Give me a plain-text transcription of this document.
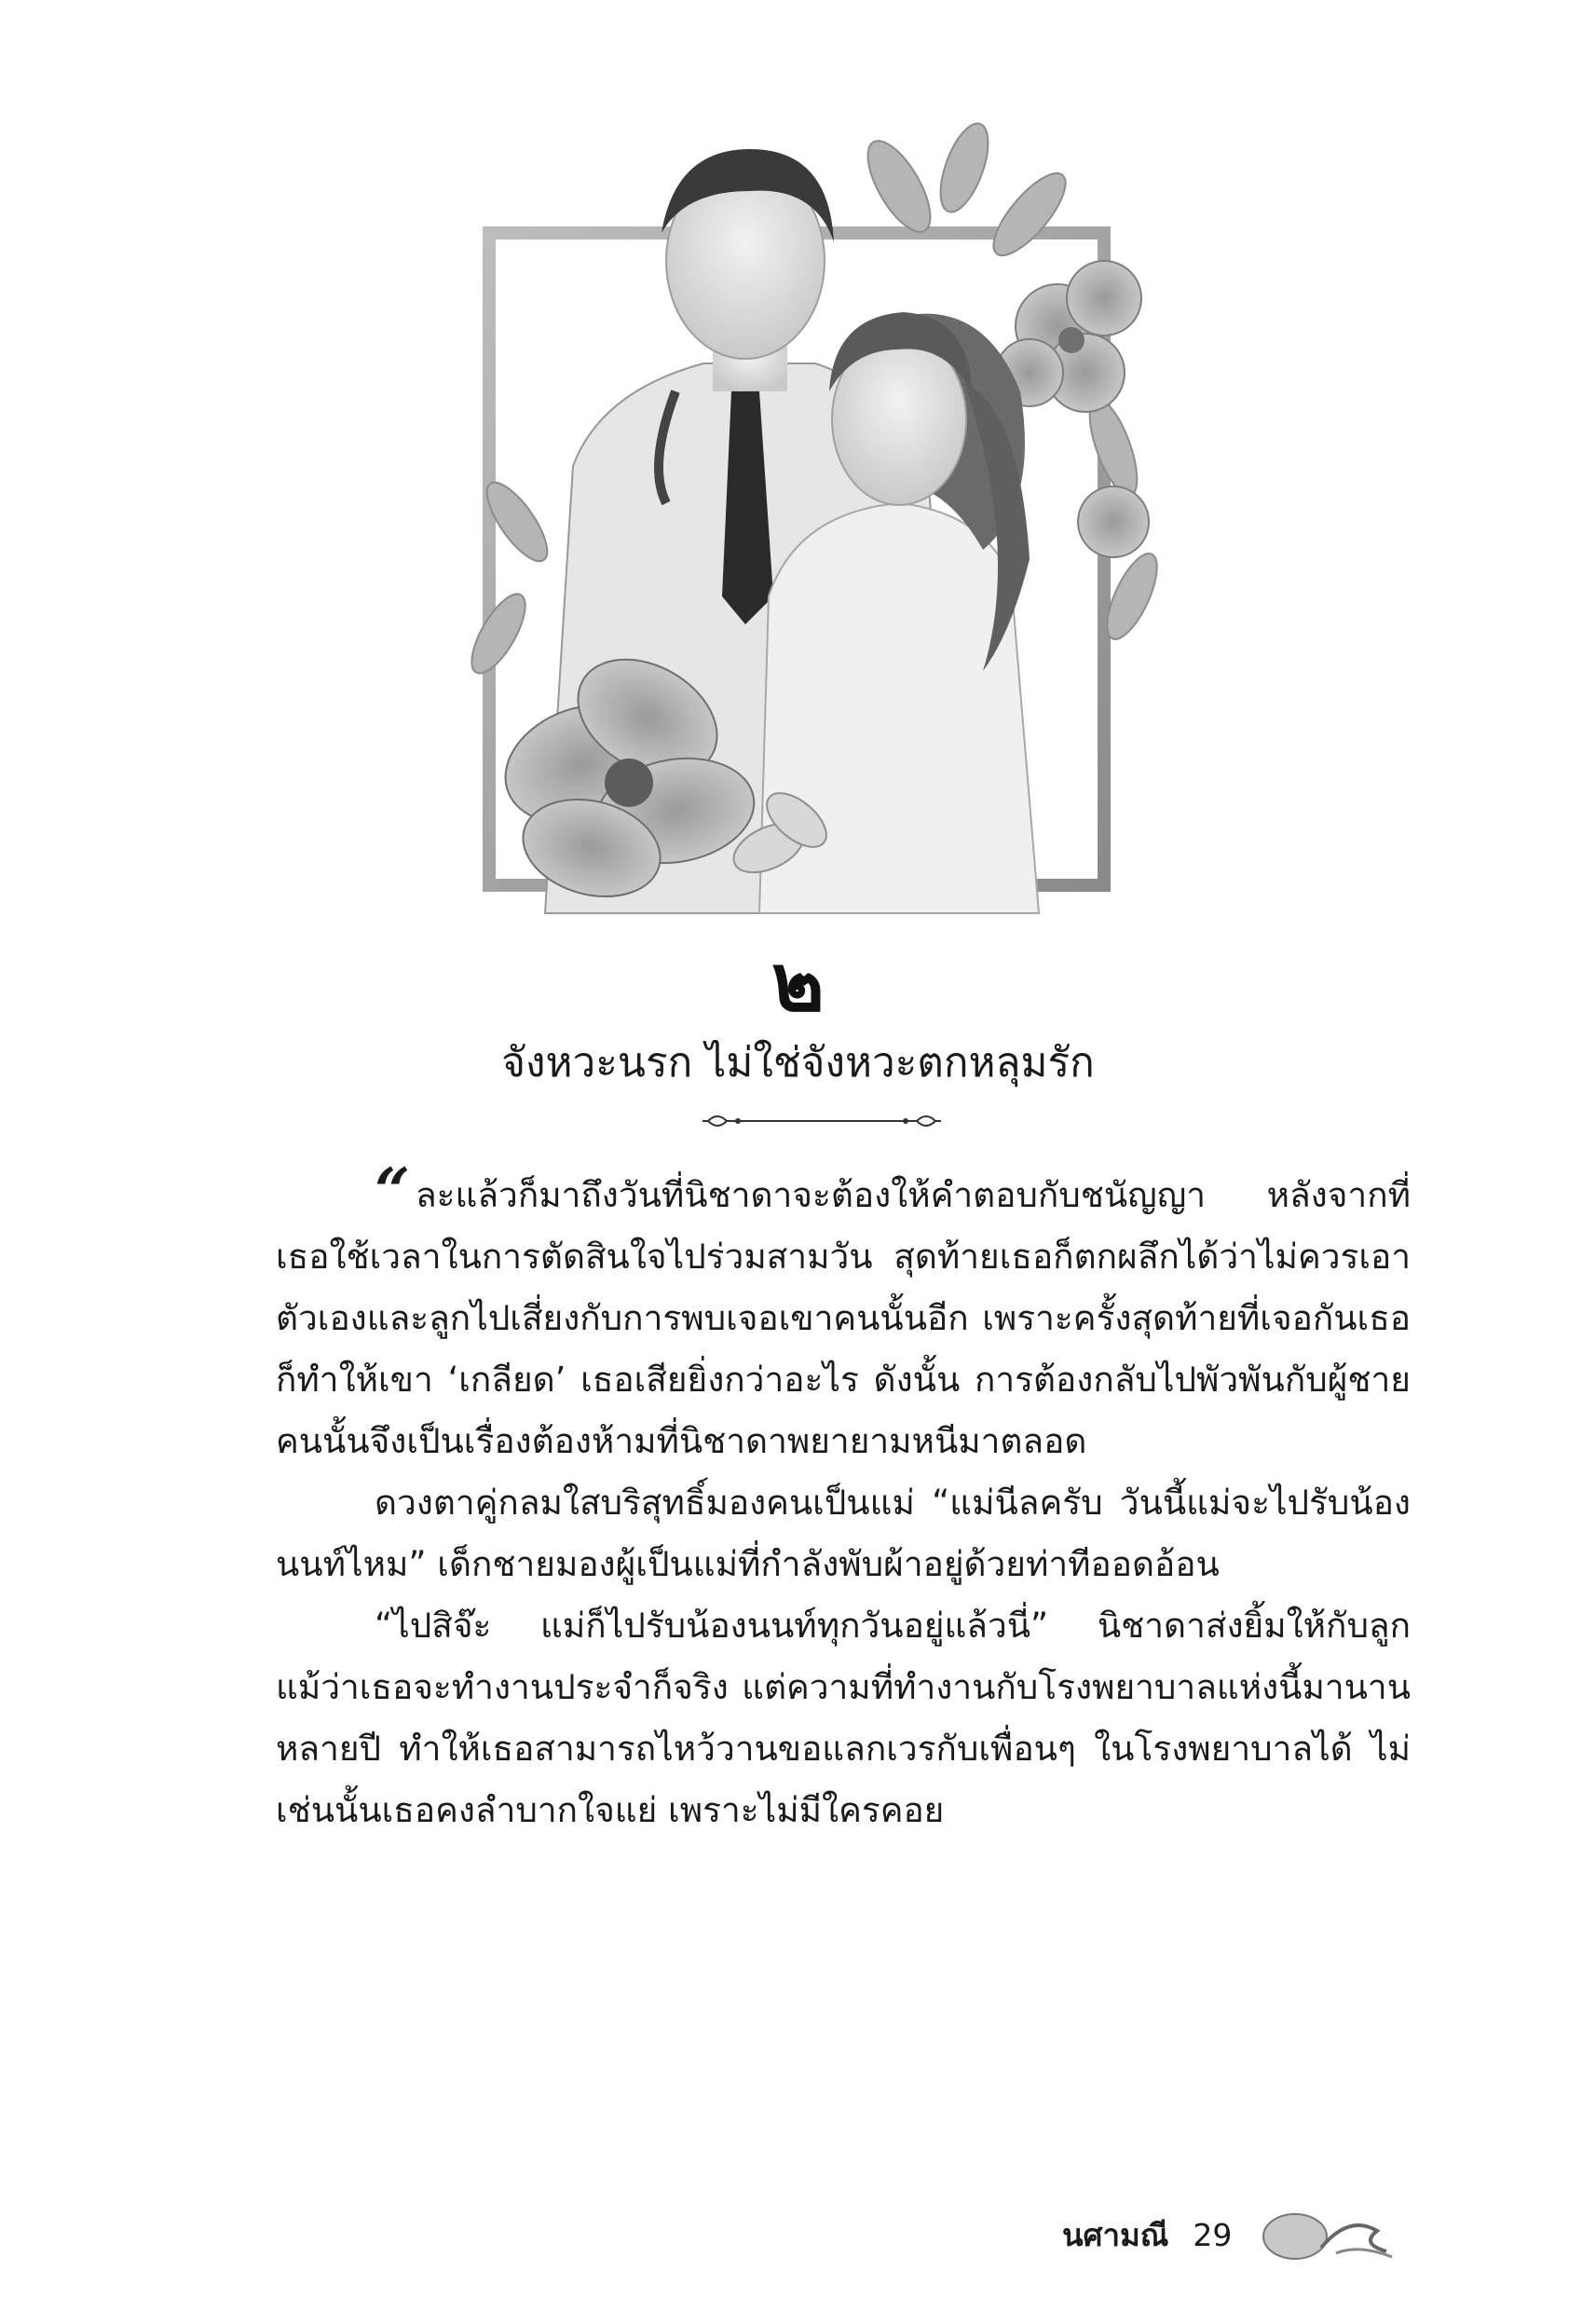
๒
จังหวะนรก ไม่ใช่จังหวะตกหลุมรัก

“ ละแล้วก็มาถึงวันที่นิชาดาจะต้องให้คำตอบกับชนัญญา หลังจากที่เธอใช้เวลาในการตัดสินใจไปร่วมสามวัน สุดท้ายเธอก็ตกผลึกได้ว่าไม่ควรเอาตัวเองและลูกไปเสี่ยงกับการพบเจอเขาคนนั้นอีก เพราะครั้งสุดท้ายที่เจอกันเธอก็ทำให้เขา ‘เกลียด’ เธอเสียยิ่งกว่าอะไร ดังนั้น การต้องกลับไปพัวพันกับผู้ชายคนนั้นจึงเป็นเรื่องต้องห้ามที่นิชาดาพยายามหนีมาตลอด

ดวงตาคู่กลมใสบริสุทธิ์มองคนเป็นแม่ “แม่นีลครับ วันนี้แม่จะไปรับน้องนนท์ไหม” เด็กชายมองผู้เป็นแม่ที่กำลังพับผ้าอยู่ด้วยท่าทีออดอ้อน

“ไปสิจ๊ะ แม่ก็ไปรับน้องนนท์ทุกวันอยู่แล้วนี่” นิชาดาส่งยิ้มให้กับลูก แม้ว่าเธอจะทำงานประจำก็จริง แต่ความที่ทำงานกับโรงพยาบาลแห่งนี้มานานหลายปี ทำให้เธอสามารถไหว้วานขอแลกเวรกับเพื่อนๆ ในโรงพยาบาลได้ ไม่เช่นนั้นเธอคงลำบากใจแย่ เพราะไม่มีใครคอย

นศามณี 29
